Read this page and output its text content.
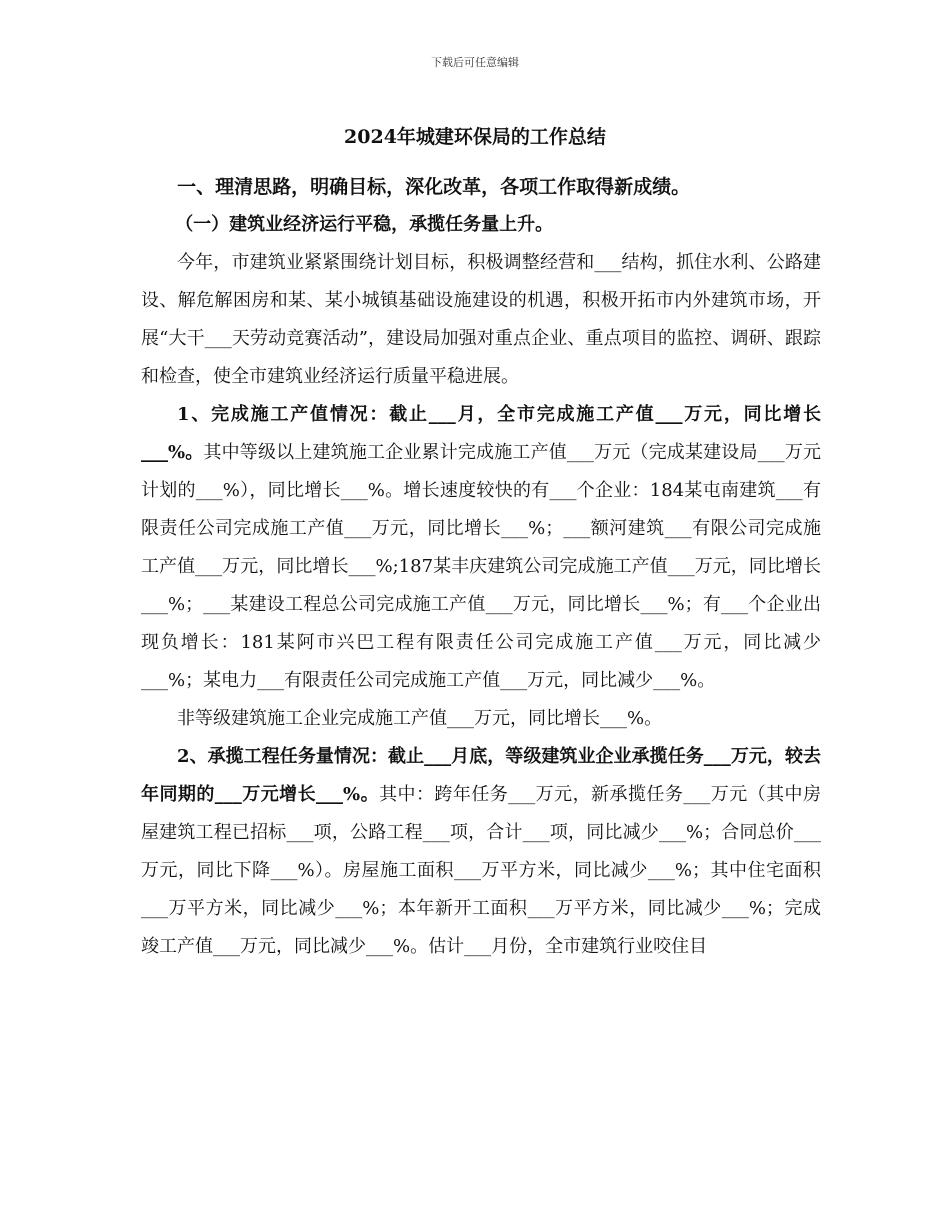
下载后可任意编辑
2024年城建环保局的工作总结

一、理清思路，明确目标，深化改革，各项工作取得新成绩。

（一）建筑业经济运行平稳，承揽任务量上升。

今年，市建筑业紧紧围绕计划目标，积极调整经营和___结构，抓住水利、公路建设、解危解困房和某、某小城镇基础设施建设的机遇，积极开拓市内外建筑市场，开展“大干___天劳动竞赛活动”，建设局加强对重点企业、重点项目的监控、调研、跟踪和检查，使全市建筑业经济运行质量平稳进展。

1、完成施工产值情况：截止___月，全市完成施工产值___万元，同比增长___%。其中等级以上建筑施工企业累计完成施工产值___万元（完成某建设局___万元计划的___%），同比增长___%。增长速度较快的有___个企业：184某屯南建筑___有限责任公司完成施工产值___万元，同比增长___%；___额河建筑___有限公司完成施工产值___万元，同比增长___%;187某丰庆建筑公司完成施工产值___万元，同比增长___%；___某建设工程总公司完成施工产值___万元，同比增长___%；有___个企业出现负增长：181某阿市兴巴工程有限责任公司完成施工产值___万元，同比减少___%；某电力___有限责任公司完成施工产值___万元，同比减少___%。

非等级建筑施工企业完成施工产值___万元，同比增长___%。

2、承揽工程任务量情况：截止___月底，等级建筑业企业承揽任务___万元，较去年同期的___万元增长___%。其中：跨年任务___万元，新承揽任务___万元（其中房屋建筑工程已招标___项，公路工程___项，合计___项，同比减少___%；合同总价___万元，同比下降___%）。房屋施工面积___万平方米，同比减少___%；其中住宅面积___万平方米，同比减少___%；本年新开工面积___万平方米，同比减少___%；完成竣工产值___万元，同比减少___%。估计___月份，全市建筑行业咬住目
